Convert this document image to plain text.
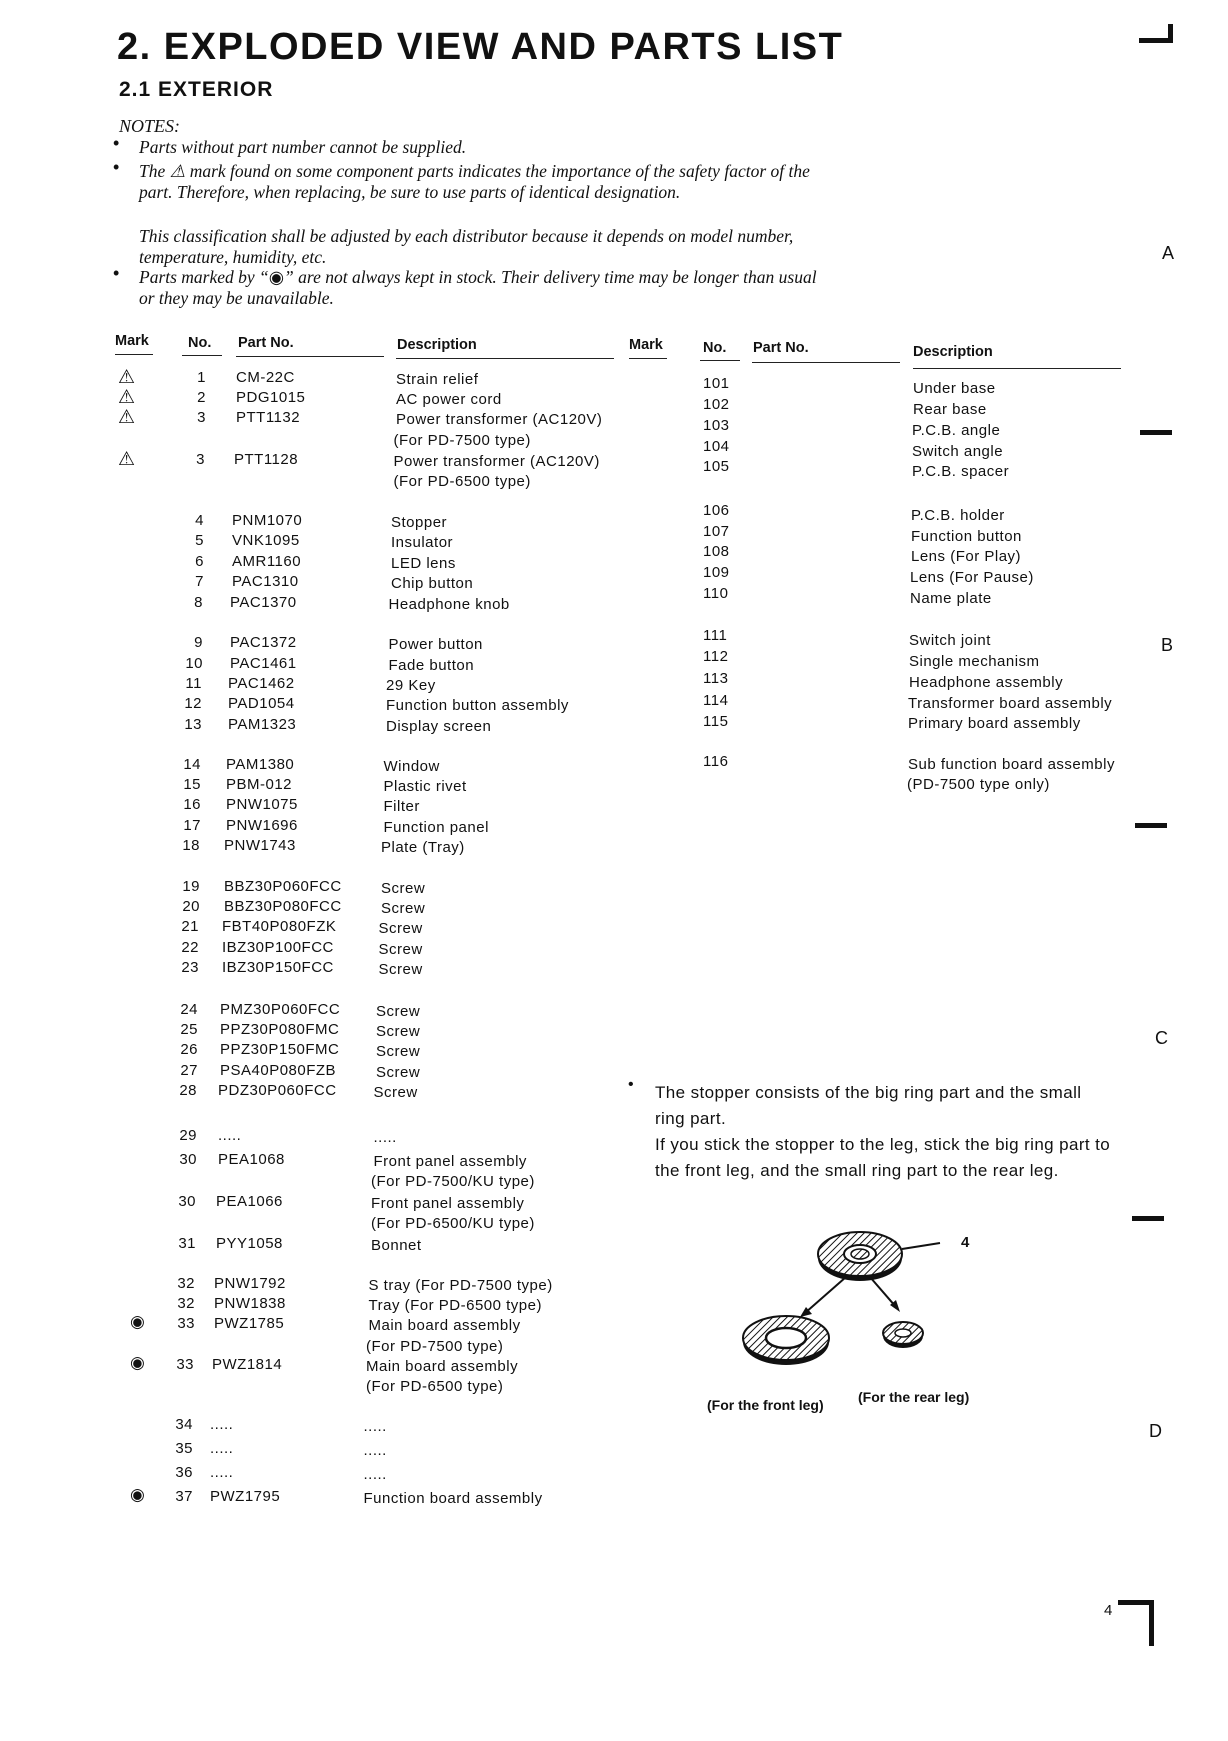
2. EXPLODED VIEW AND PARTS LIST
2.1 EXTERIOR
NOTES:
• Parts without part number cannot be supplied.
• The ⚠ mark found on some component parts indicates the importance of the safety factor of the part. Therefore, when replacing, be sure to use parts of identical designation.
This classification shall be adjusted by each distributor because it depends on model number, temperature, humidity, etc.
• Parts marked by “◉” are not always kept in stock. Their delivery time may be longer than usual or they may be unavailable.
Mark	No. Part No.	Description	Mark	No. Part No.	Description
⚠	1 CM-22C	Strain relief
⚠	2 PDG1015	AC power cord
⚠	3 PTT1132	Power transformer (AC120V)
(For PD-7500 type)
⚠	3 PTT1128	Power transformer (AC120V)
(For PD-6500 type)
4 PNM1070	Stopper
5 VNK1095	Insulator
6 AMR1160	LED lens
7 PAC1310	Chip button
8 PAC1370	Headphone knob
9 PAC1372	Power button
10 PAC1461	Fade button
11 PAC1462	29 Key
12 PAD1054	Function button assembly
13 PAM1323	Display screen
14 PAM1380	Window
15 PBM-012	Plastic rivet
16 PNW1075	Filter
17 PNW1696	Function panel
18 PNW1743	Plate (Tray)
19 BBZ30P060FCC	Screw
20 BBZ30P080FCC	Screw
21 FBT40P080FZK	Screw
22 IBZ30P100FCC	Screw
23 IBZ30P150FCC	Screw
24 PMZ30P060FCC Screw
25 PPZ30P080FMC Screw
26 PPZ30P150FMC Screw
27 PSA40P080FZB	Screw
28 PDZ30P060FCC Screw
29 .....	.....
30 PEA1068	Front panel assembly
(For PD-7500/KU type)
30 PEA1066	Front panel assembly
(For PD-6500/KU type)
31 PYY1058	Bonnet
32 PNW1792	S tray (For PD-7500 type)
32 PNW1838	Tray (For PD-6500 type)
◉	33 PWZ1785	Main board assembly
(For PD-7500 type)
◉	33 PWZ1814	Main board assembly
(For PD-6500 type)
34 .....	.....
35 .....	.....
36 .....	.....
◉	37 PWZ1795	Function board assembly
101	Under base
102	Rear base
103	P.C.B. angle
104	Switch angle
105	P.C.B. spacer
106	P.C.B. holder
107	Function button
108	Lens (For Play)
109	Lens (For Pause)
110	Name plate
111	Switch joint
112	Single mechanism
113	Headphone assembly
114	Transformer board assembly
115	Primary board assembly
116	Sub function board assembly
(PD-7500 type only)
• The stopper consists of the big ring part and the small ring part.
If you stick the stopper to the leg, stick the big ring part to the front leg, and the small ring part to the rear leg.
4
(For the front leg) (For the rear leg)
A
B
C
D
4
